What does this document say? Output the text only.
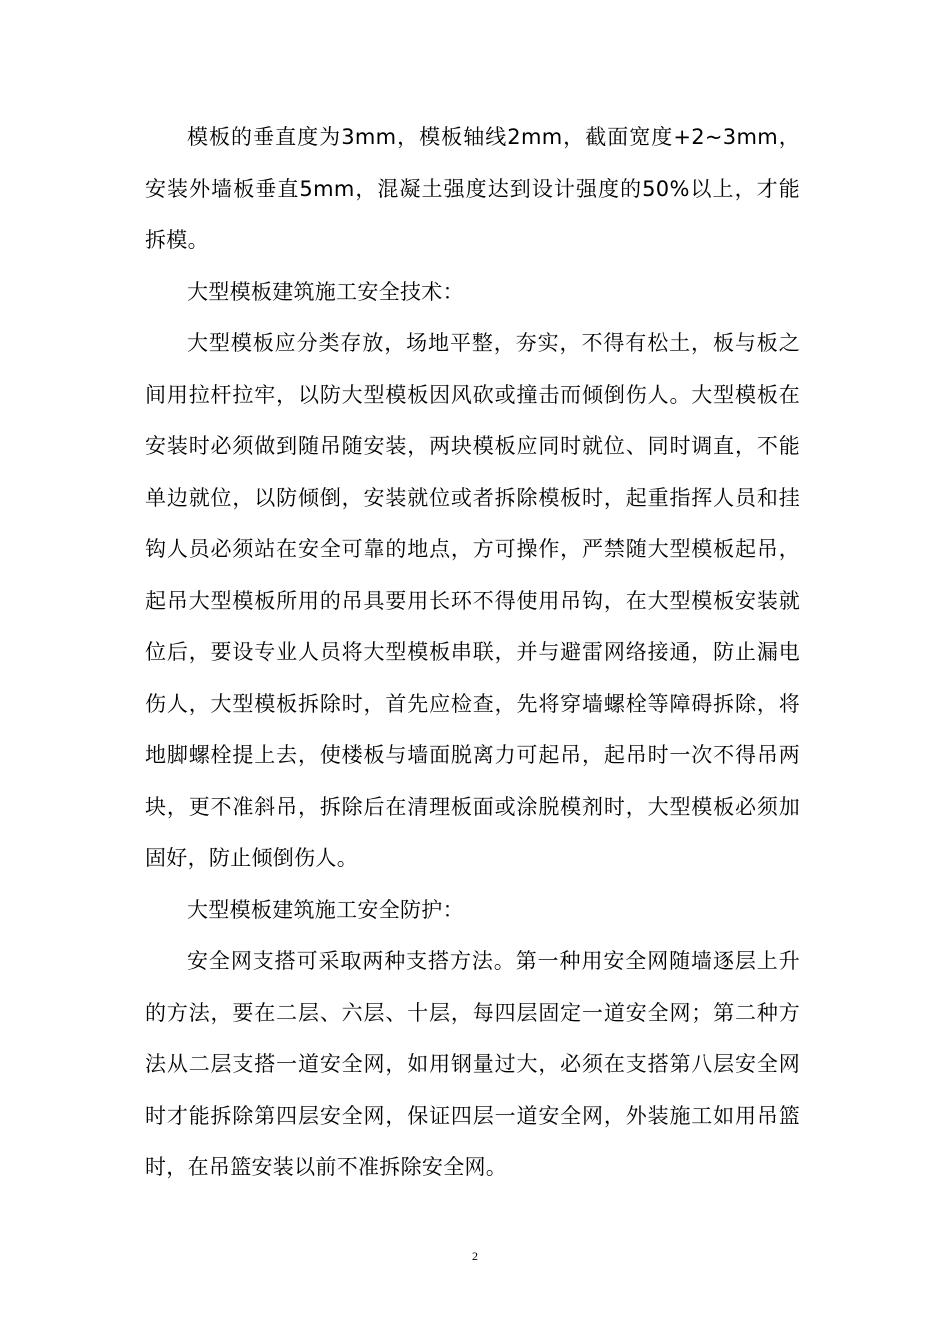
模板的垂直度为3mm，模板轴线2mm，截面宽度+2~3mm，安装外墙板垂直5mm，混凝土强度达到设计强度的50%以上，才能拆模。

大型模板建筑施工安全技术：

大型模板应分类存放，场地平整，夯实，不得有松土，板与板之间用拉杆拉牢，以防大型模板因风砍或撞击而倾倒伤人。大型模板在安装时必须做到随吊随安装，两块模板应同时就位、同时调直，不能单边就位，以防倾倒，安装就位或者拆除模板时，起重指挥人员和挂钩人员必须站在安全可靠的地点，方可操作，严禁随大型模板起吊，起吊大型模板所用的吊具要用长环不得使用吊钩，在大型模板安装就位后，要设专业人员将大型模板串联，并与避雷网络接通，防止漏电伤人，大型模板拆除时，首先应检查，先将穿墙螺栓等障碍拆除，将地脚螺栓提上去，使楼板与墙面脱离力可起吊，起吊时一次不得吊两块，更不准斜吊，拆除后在清理板面或涂脱模剂时，大型模板必须加固好，防止倾倒伤人。

大型模板建筑施工安全防护：

安全网支搭可采取两种支搭方法。第一种用安全网随墙逐层上升的方法，要在二层、六层、十层，每四层固定一道安全网；第二种方法从二层支搭一道安全网，如用钢量过大，必须在支搭第八层安全网时才能拆除第四层安全网，保证四层一道安全网，外装施工如用吊篮时，在吊篮安装以前不准拆除安全网。

2
